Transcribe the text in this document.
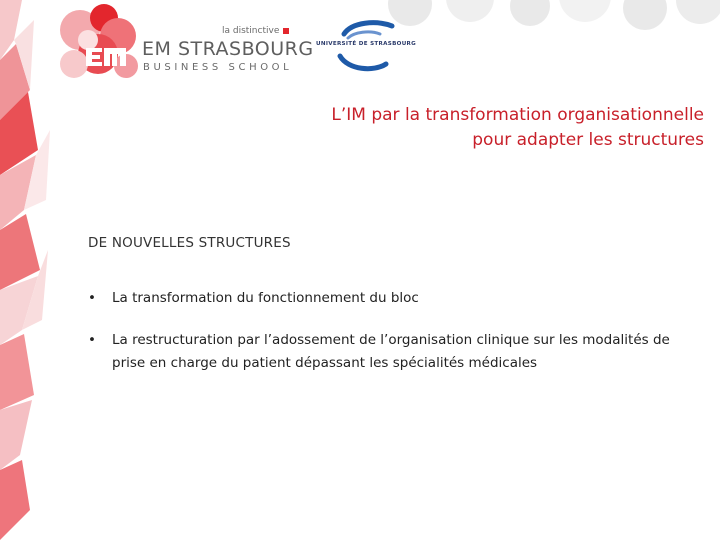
la distinctive
EM STRASBOURG
BUSINESS SCHOOL
UNIVERSITÉ DE STRASBOURG
L’IM par la transformation organisationnelle
pour adapter les structures
DE NOUVELLES STRUCTURES
• La transformation du fonctionnement du bloc
• La restructuration par l’adossement de l’organisation clinique sur les modalités de prise en charge du patient dépassant les spécialités médicales
